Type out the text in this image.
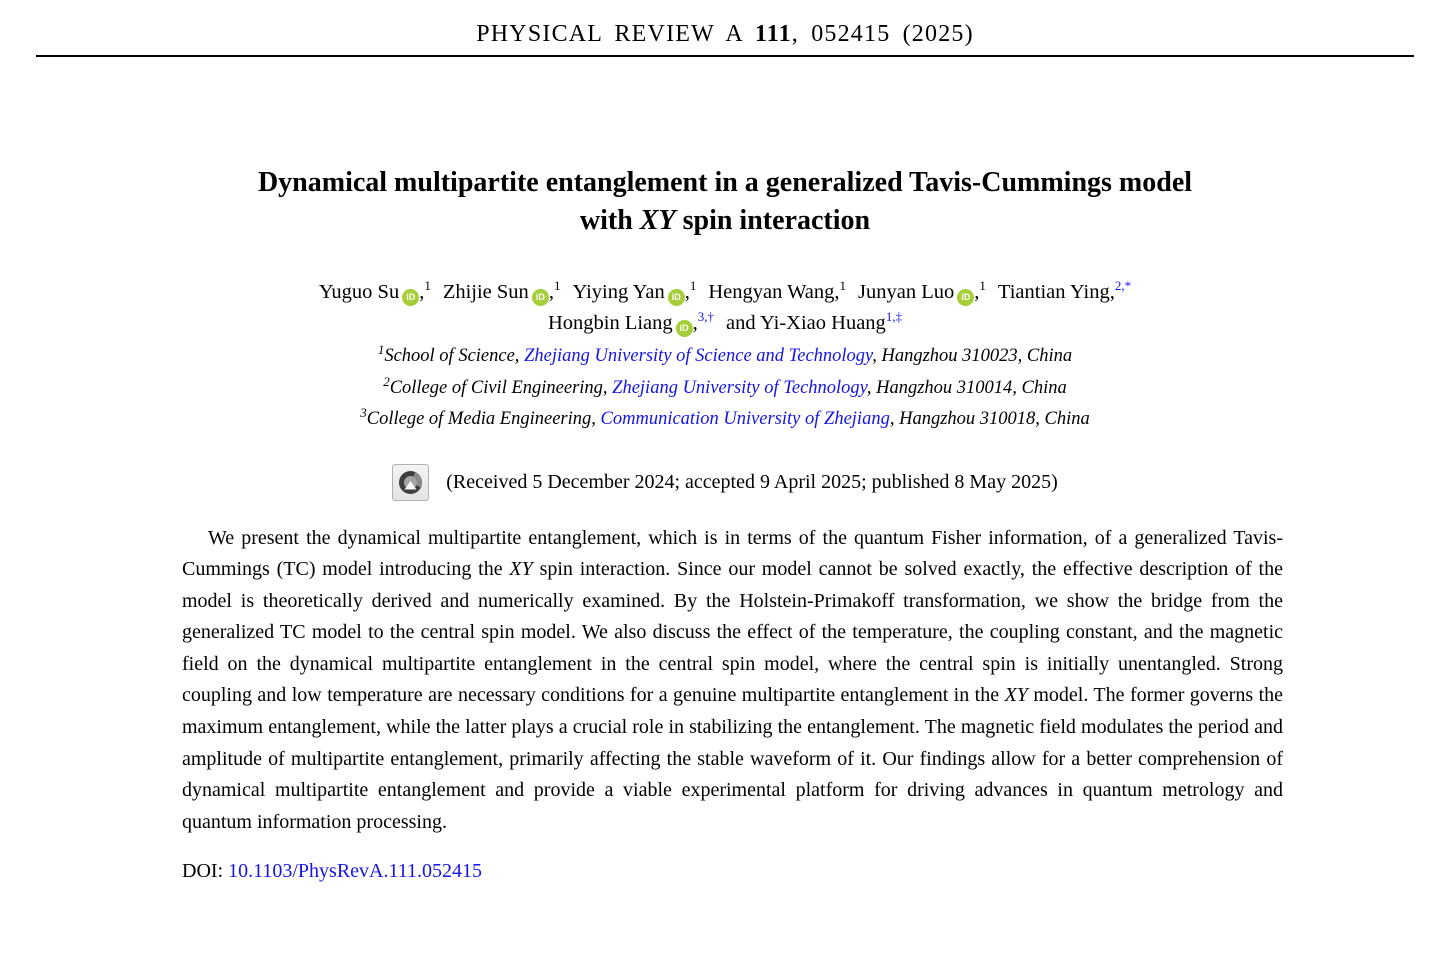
PHYSICAL REVIEW A 111, 052415 (2025)
Dynamical multipartite entanglement in a generalized Tavis-Cummings model
with XY spin interaction
Yuguo Su iD ,$^1$ Zhijie Sun iD ,$^1$ Yiying Yan iD ,$^1$ Hengyan Wang,$^1$ Junyan Luo iD ,$^1$ Tiantian Ying,$^{2,*}$
Hongbin Liang iD ,$^{3,\dagger}$ and Yi-Xiao Huang$^{1,\ddagger}$
$^1$School of Science, Zhejiang University of Science and Technology, Hangzhou 310023, China
$^2$College of Civil Engineering, Zhejiang University of Technology, Hangzhou 310014, China
$^3$College of Media Engineering, Communication University of Zhejiang, Hangzhou 310018, China
(Received 5 December 2024; accepted 9 April 2025; published 8 May 2025)

We present the dynamical multipartite entanglement, which is in terms of the quantum Fisher information, of a generalized Tavis-Cummings (TC) model introducing the XY spin interaction. Since our model cannot be solved exactly, the effective description of the model is theoretically derived and numerically examined. By the Holstein-Primakoff transformation, we show the bridge from the generalized TC model to the central spin model. We also discuss the effect of the temperature, the coupling constant, and the magnetic field on the dynamical multipartite entanglement in the central spin model, where the central spin is initially unentangled. Strong coupling and low temperature are necessary conditions for a genuine multipartite entanglement in the XY model. The former governs the maximum entanglement, while the latter plays a crucial role in stabilizing the entanglement. The magnetic field modulates the period and amplitude of multipartite entanglement, primarily affecting the stable waveform of it. Our findings allow for a better comprehension of dynamical multipartite entanglement and provide a viable experimental platform for driving advances in quantum metrology and quantum information processing.

DOI: 10.1103/PhysRevA.111.052415
